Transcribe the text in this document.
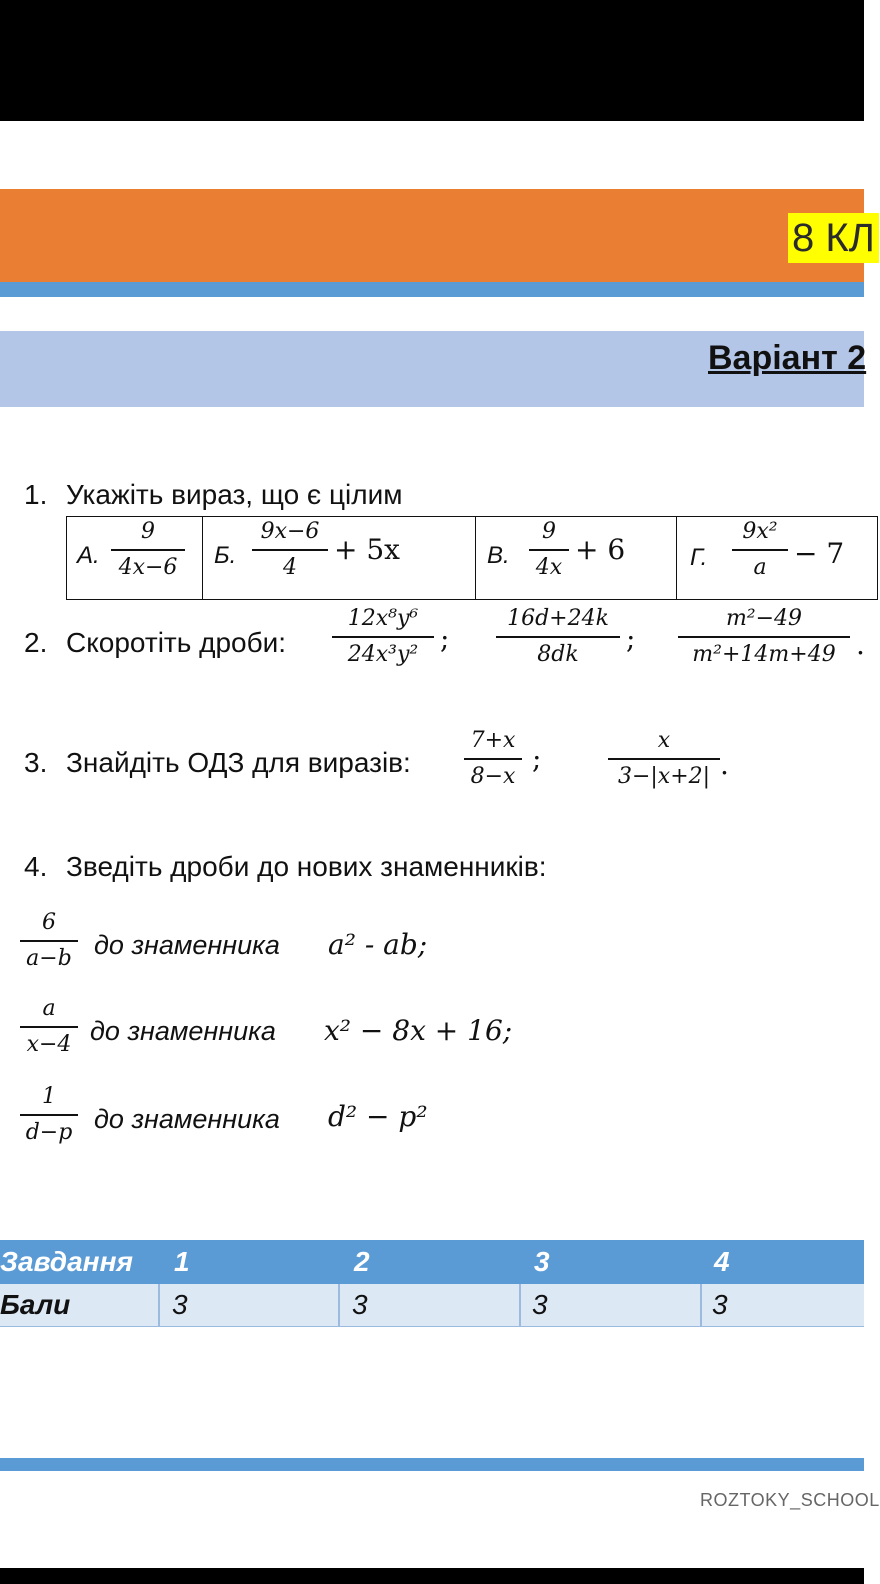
8 КЛ
Варіант 2
1. Укажіть вираз, що є цілим
А. $\frac{9}{4x-6} Б$. $\frac{9x-6}{4} + 5x$	В. $\frac{9}{4x} + 6$	Г. $\frac{\text{9x²}}{a} - 7$
2. Скоротіть дроби: $\frac{\text{12x⁸y⁶}}{\text{24x³y²}}$ ; $\frac{16d+24k}{8dk}$ ; $\frac{\text{m²−49}}{\text{m²+14m+49}}$ .
3. Знайдіть ОДЗ для виразів: $\frac{7+x}{8-x}$ ;	$\frac{x}{3-|x+2|}$ .
4. Зведіть дроби до нових знаменників:
$\frac{6}{a-b}$ до знаменника a² - ab;
$\frac{a}{x-4}$ до знаменника x² − 8x + 16;
$\frac{1}{d-p}$ до знаменника d² − p²
Завдання 1	2	3	4
Бали	3	3	3	3
ROZTOKY_SCHOOL
